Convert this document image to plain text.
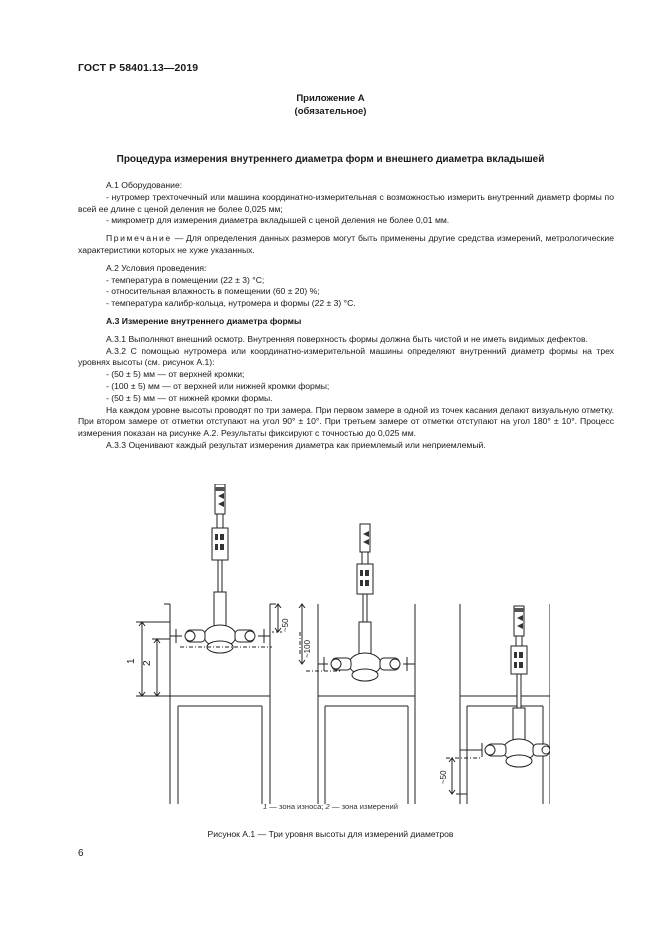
ГОСТ Р 58401.13—2019
Приложение А
(обязательное)
Процедура измерения внутреннего диаметра форм и внешнего диаметра вкладышей

А.1 Оборудование:

- нутромер трехточечный или машина координатно-измерительная с возможностью измерить внутренний диаметр формы по всей ее длине с ценой деления не более 0,025 мм;

- микрометр для измерения диаметра вкладышей с ценой деления не более 0,01 мм.

Примечание — Для определения данных размеров могут быть применены другие средства измерений, метрологические характеристики которых не хуже указанных.

А.2 Условия проведения:

- температура в помещении (22 ± 3) °С;

- относительная влажность в помещении (60 ± 20) %;

- температура калибр-кольца, нутромера и формы (22 ± 3) °С.

А.3 Измерение внутреннего диаметра формы

А.3.1 Выполняют внешний осмотр. Внутренняя поверхность формы должна быть чистой и не иметь видимых дефектов.

А.3.2 С помощью нутромера или координатно-измерительной машины определяют внутренний диаметр формы на трех уровнях высоты (см. рисунок А.1):

- (50 ± 5) мм — от верхней кромки;

- (100 ± 5) мм — от верхней или нижней кромки формы;

- (50 ± 5) мм — от нижней кромки формы.

На каждом уровне высоты проводят по три замера. При первом замере в одной из точек касания делают визуальную отметку. При втором замере от отметки отступают на угол 90° ± 10°. При третьем замере от отметки отступают на угол 180° ± 10°. Процесс измерения показан на рисунке А.2. Результаты фиксируют с точностью до 0,025 мм.

А.3.3 Оценивают каждый результат измерения диаметра как приемлемый или неприемлемый.

1 2
~50
~100
~50
1 — зона износа; 2 — зона измерений
Рисунок А.1 — Три уровня высоты для измерений диаметров
6
